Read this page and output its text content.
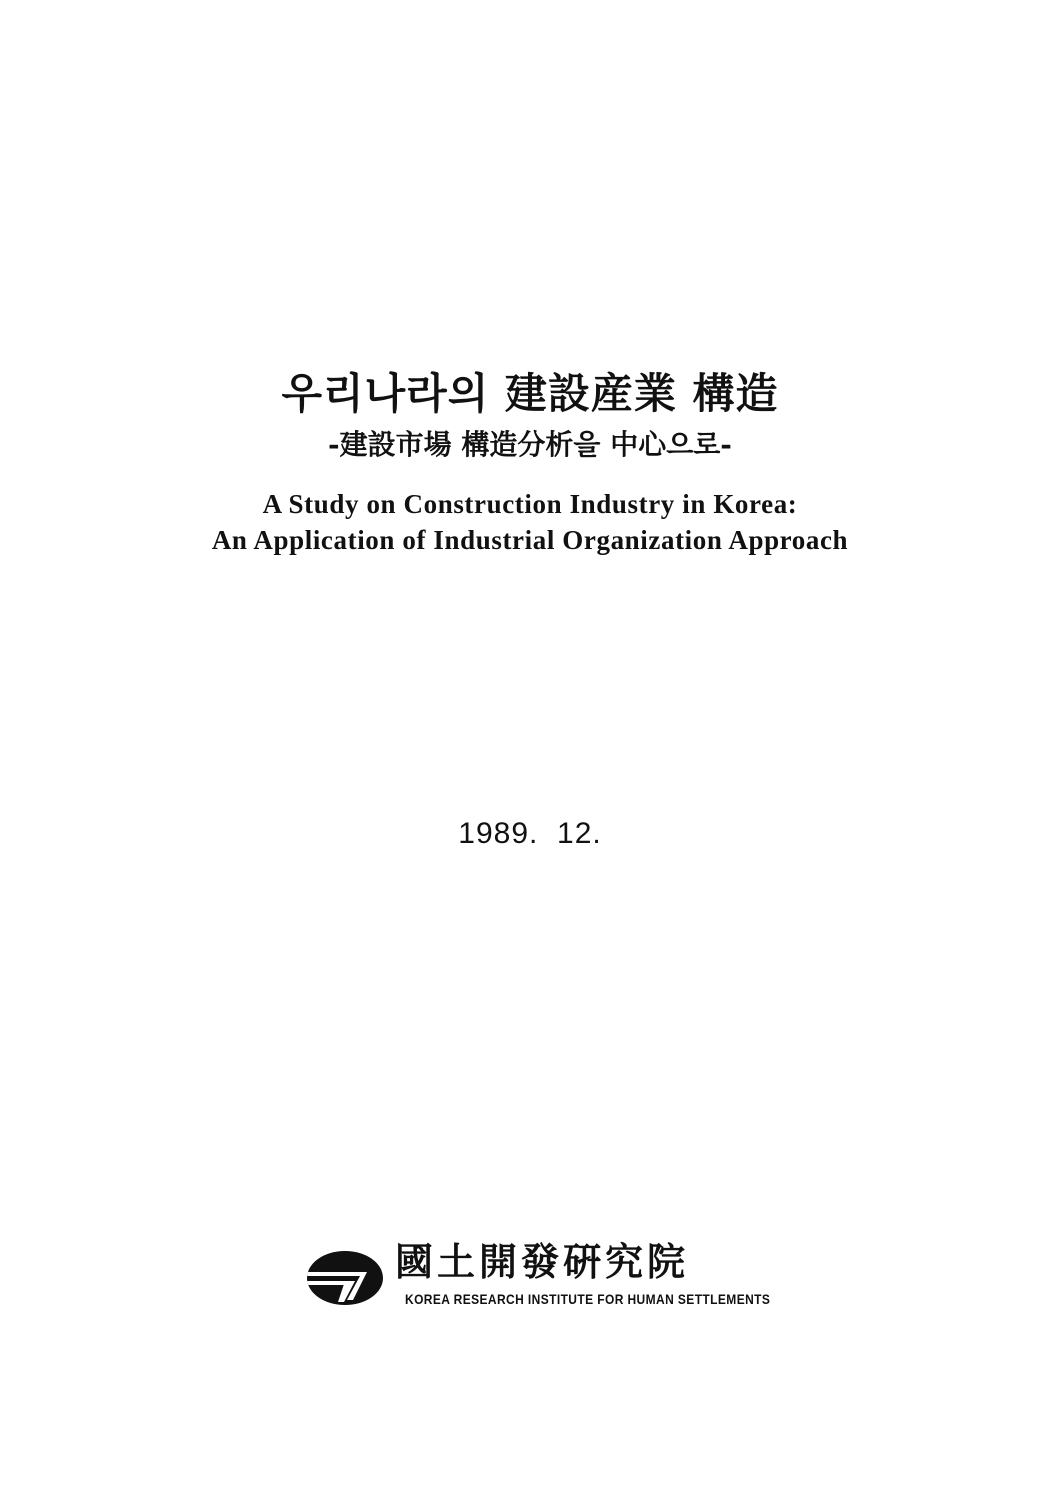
우리나라의 建設産業 構造
-建設市場 構造分析을 中心으로-
A Study on Construction Industry in Korea:
An Application of Industrial Organization Approach
1989.  12.
國土開發硏究院
KOREA RESEARCH INSTITUTE FOR HUMAN SETTLEMENTS
